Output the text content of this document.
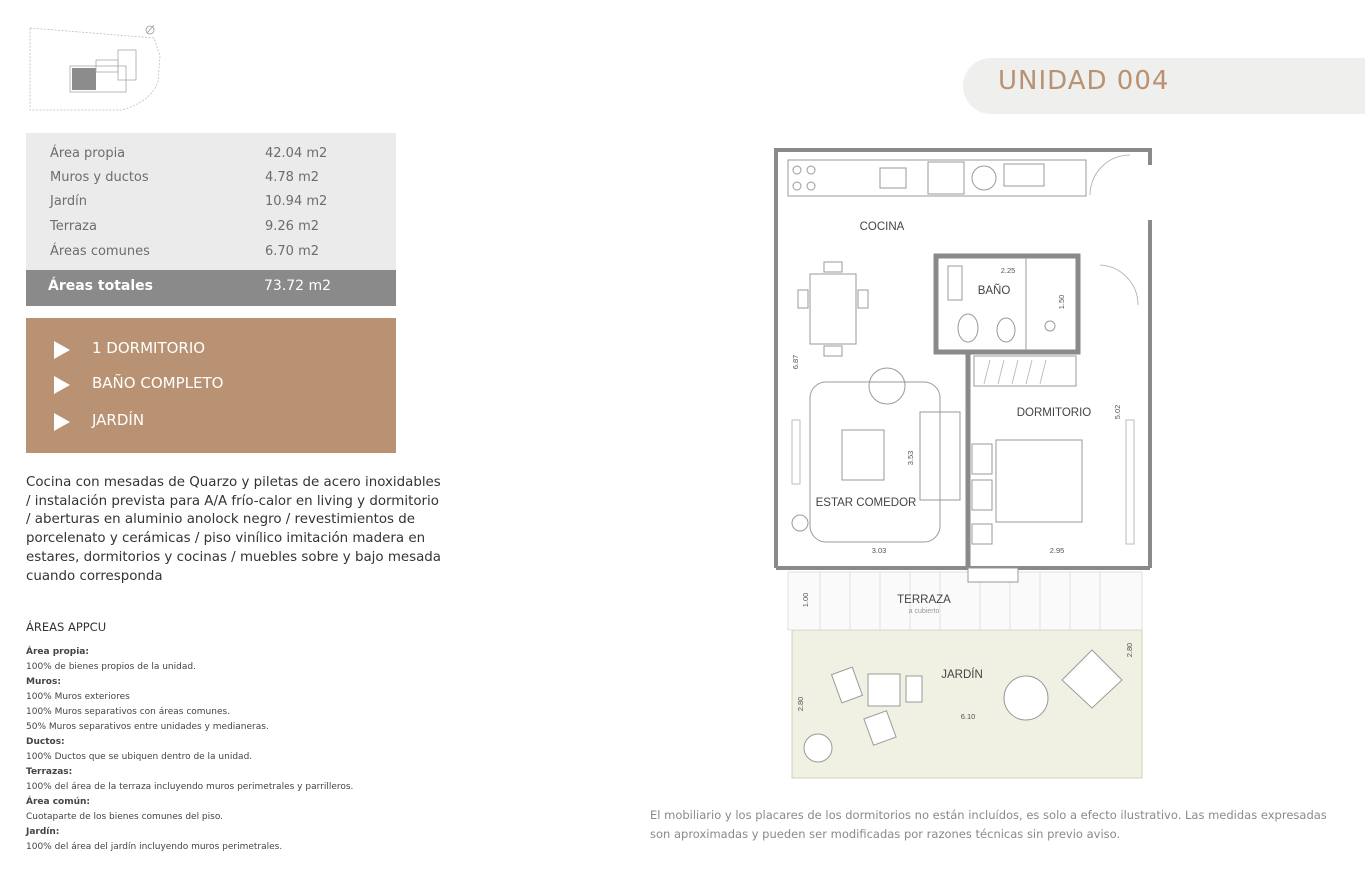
Área propia	42.04 m2
Muros y ductos	4.78 m2
Jardín	10.94 m2
Terraza	9.26 m2
Áreas comunes	6.70 m2
Áreas totales	73.72 m2
1 DORMITORIO
BAÑO COMPLETO
JARDÍN
Cocina con mesadas de Quarzo y piletas de acero inoxidables / instalación prevista para A/A frío-calor en living y dormitorio / aberturas en aluminio anolock negro / revestimientos de porcelenato y cerámicas / piso vinílico imitación madera en estares, dormitorios y cocinas / muebles sobre y bajo mesada cuando corresponda
ÁREAS APPCU
Área propia:
100% de bienes propios de la unidad.
Muros:
100% Muros exteriores
100% Muros separativos con áreas comunes.
50% Muros separativos entre unidades y medianeras.
Ductos:
100% Ductos que se ubiquen dentro de la unidad.
Terrazas:
100% del área de la terraza incluyendo muros perimetrales y parrilleros.
Área común:
Cuotaparte de los bienes comunes del piso.
Jardín:
100% del área del jardín incluyendo muros perimetrales.
UNIDAD 004
COCINA
BAÑO
DORMITORIO
ESTAR COMEDOR
TERRAZA
a cubierto
JARDÍN
2.25
1.50
6.87
3.53
5.02
3.03	2.95
1.00
2.80
2.80
6.10
El mobiliario y los placares de los dormitorios no están incluídos, es solo a efecto ilustrativo. Las medidas expresadas son aproximadas y pueden ser modificadas por razones técnicas sin previo aviso.
